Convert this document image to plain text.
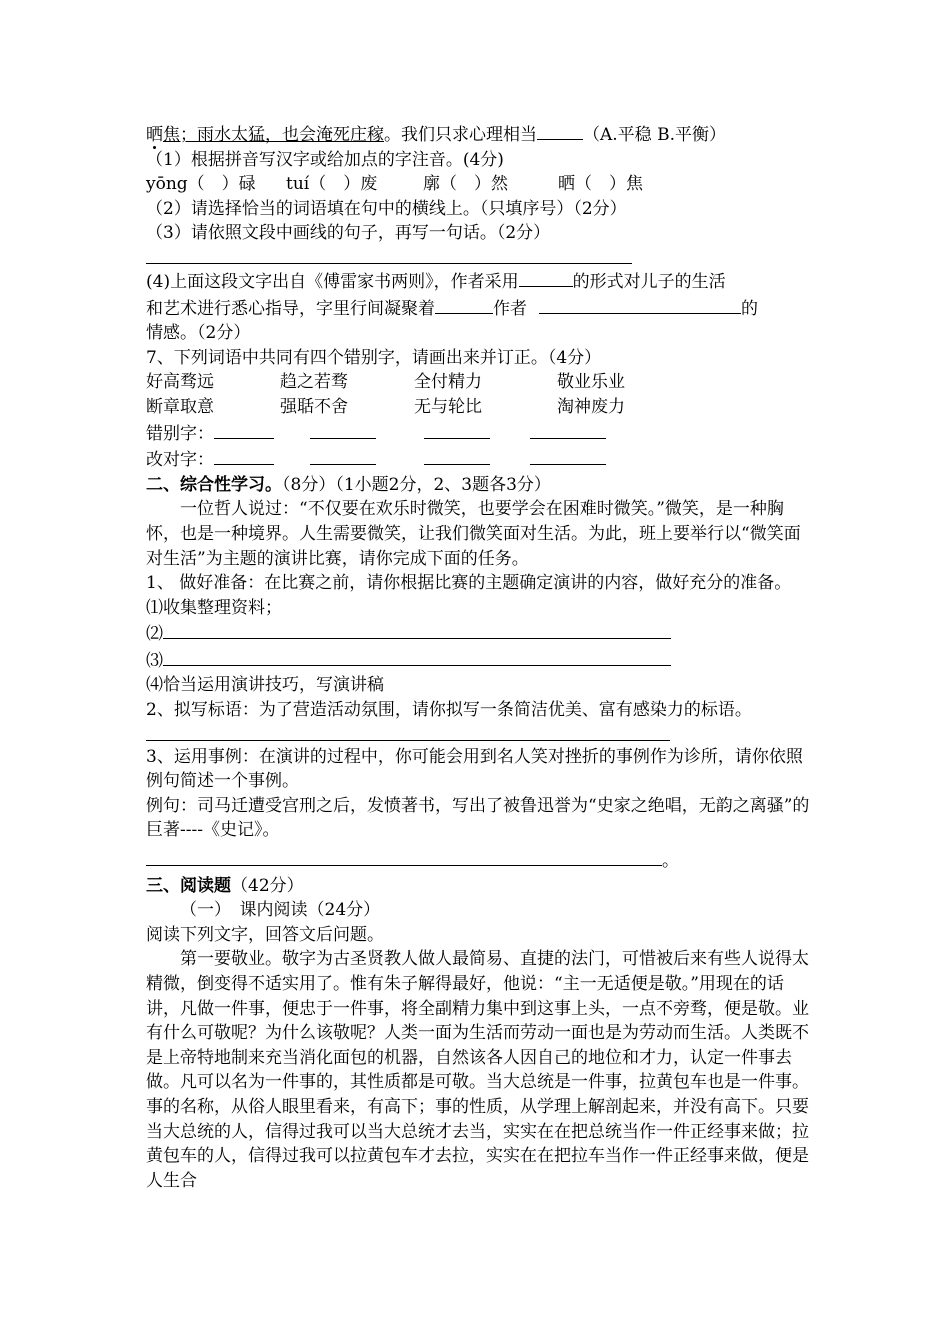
晒焦；雨水太猛，也会淹死庄稼。我们只求心理相当	（A.平稳 B.平衡）
（1）根据拼音写汉字或给加点的字注音。(4分)
yōng（　）碌 tuí（　）废	廓（　）然	晒（　）焦
（2）请选择恰当的词语填在句中的横线上。（只填序号）（2分）
（3）请依照文段中画线的句子，再写一句话。（2分）
(4)上面这段文字出自《傅雷家书两则》，作者采用	的形式对儿子的生活
和艺术进行悉心指导，字里行间凝聚着	作者	的
情感。（2分）
7、下列词语中共同有四个错别字，请画出来并订正。（4分）
好高骛远	趋之若骛	全付精力	敬业乐业
断章取意	强聒不舍	无与轮比	淘神废力
错别字：
改对字：
二、综合性学习。（8分）（1小题2分，2、3题各3分）
一位哲人说过：“不仅要在欢乐时微笑，也要学会在困难时微笑。”微笑，是一种胸怀，也是一种境界。人生需要微笑，让我们微笑面对生活。为此，班上要举行以“微笑面对生活”为主题的演讲比赛，请你完成下面的任务。
1、 做好准备：在比赛之前，请你根据比赛的主题确定演讲的内容，做好充分的准备。
⑴收集整理资料；
⑵
⑶
⑷恰当运用演讲技巧，写演讲稿
2、拟写标语：为了营造活动氛围，请你拟写一条简洁优美、富有感染力的标语。
3、运用事例：在演讲的过程中，你可能会用到名人笑对挫折的事例作为诊所，请你依照例句简述一个事例。
例句：司马迁遭受宫刑之后，发愤著书，写出了被鲁迅誉为“史家之绝唱，无韵之离骚”的巨著----《史记》。
。
三、阅读题（42分）
（一）　课内阅读（24分）
阅读下列文字，回答文后问题。
第一要敬业。敬字为古圣贤教人做人最简易、直捷的法门，可惜被后来有些人说得太精微，倒变得不适实用了。惟有朱子解得最好，他说：“主一无适便是敬。”用现在的话讲，凡做一件事，便忠于一件事，将全副精力集中到这事上头，一点不旁骛，便是敬。业有什么可敬呢？为什么该敬呢？人类一面为生活而劳动一面也是为劳动而生活。人类既不是上帝特地制来充当消化面包的机器，自然该各人因自己的地位和才力，认定一件事去做。凡可以名为一件事的，其性质都是可敬。当大总统是一件事，拉黄包车也是一件事。事的名称，从俗人眼里看来，有高下；事的性质，从学理上解剖起来，并没有高下。只要当大总统的人，信得过我可以当大总统才去当，实实在在把总统当作一件正经事来做；拉黄包车的人，信得过我可以拉黄包车才去拉，实实在在把拉车当作一件正经事来做，便是人生合
